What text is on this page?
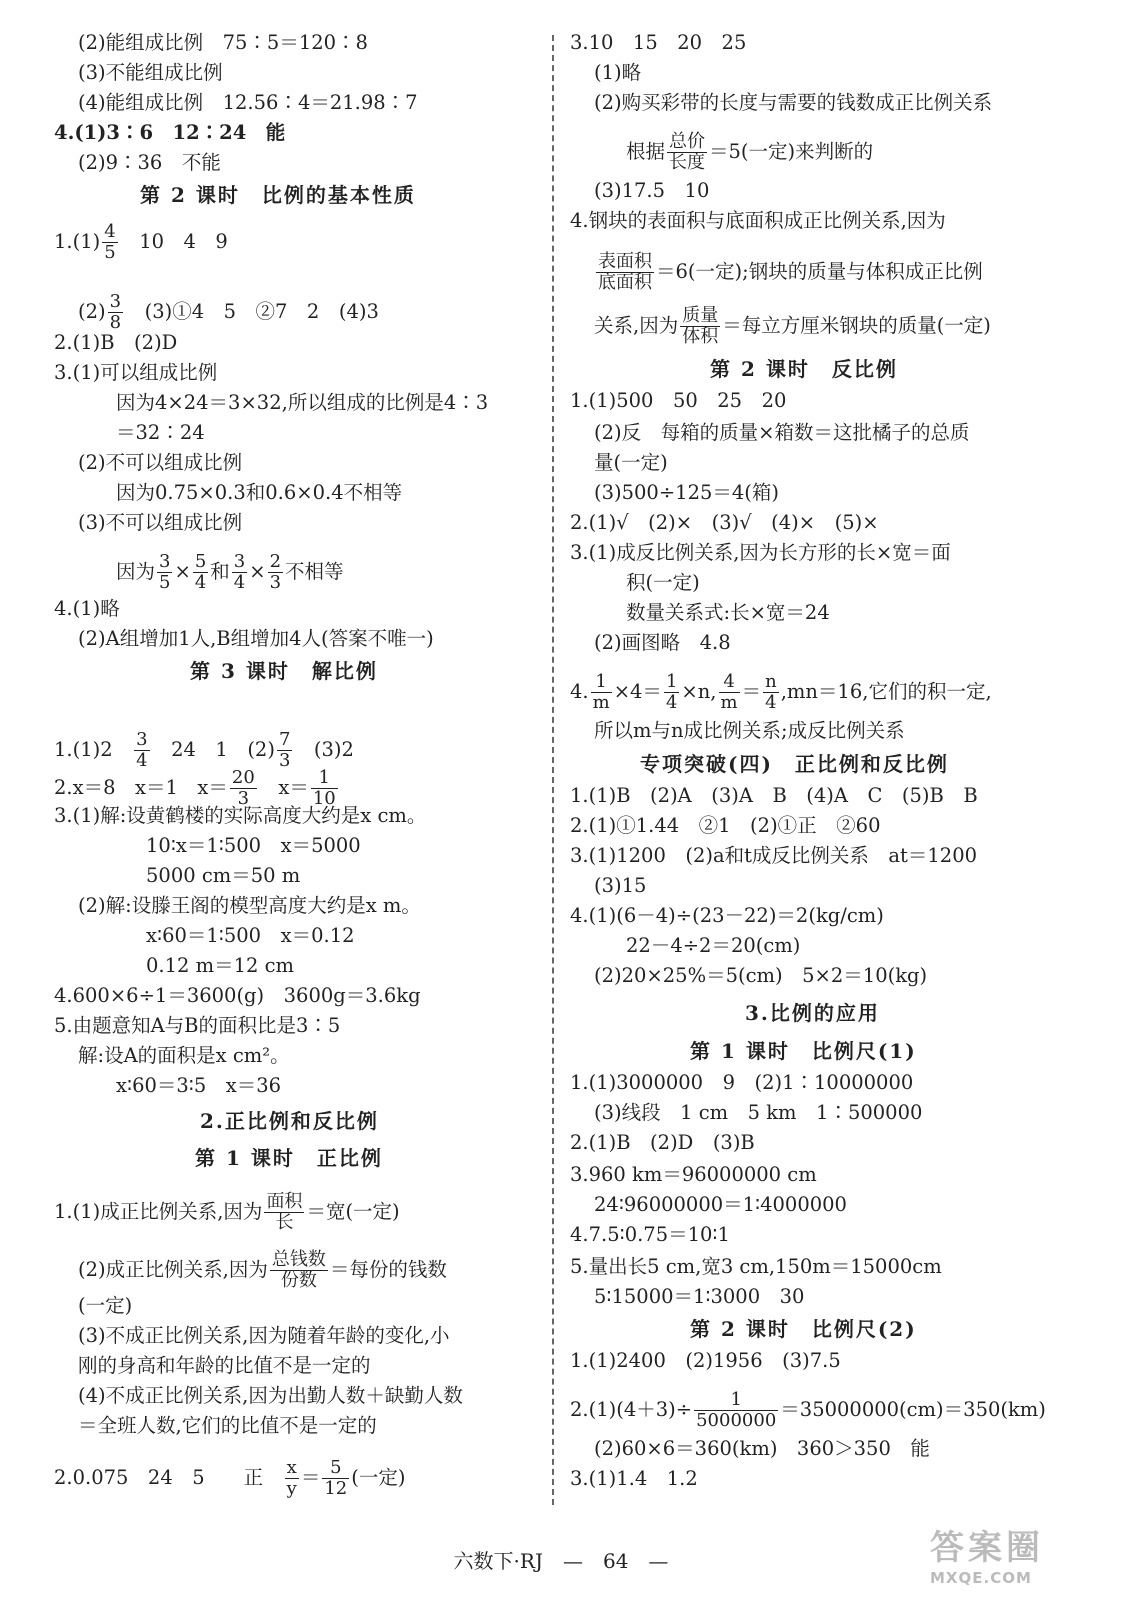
(2)能组成比例　75∶5＝120∶8
(3)不能组成比例
(4)能组成比例　12.56∶4＝21.98∶7
4.(1)3∶6　12∶24　能
(2)9∶36　不能
第 2 课时　比例的基本性质
$1.(1) \frac{4}{5}$
　 10　4　9
$(2) \frac{3}{8}$
　 (3)①4　5　②7　2　(4)3
2.(1)B　(2)D
3.(1)可以组成比例
因为4×24＝3×32,所以组成的比例是4∶3
＝32∶24
(2)不可以组成比例
因为0.75×0.3和0.6×0.4不相等
(3)不可以组成比例
因为 $\frac{3}{5} \times \frac{5}{4}$ 和 $\frac{3}{4} \times \frac{2}{3}$ 不相等
4.(1)略
(2)A组增加1人,B组增加4人(答案不唯一)
第 3 课时　解比例
1.(1)2　 $\frac{3}{4}$ 　24　1　$(2) \frac{7}{3}$ 　(3)2
2.x＝8　x＝1　$x= \frac{20}{3}$ 　$x= \frac{1}{10}$
3.(1)解:设黄鹤楼的实际高度大约是x cm。
10∶x＝1∶500　x＝5000
5000 cm＝50 m
(2)解:设滕王阁的模型高度大约是x m。
x∶60＝1∶500　x＝0.12
0.12 m＝12 cm
4.600×6÷1＝3600(g)　3600g＝3.6kg
5.由题意知A与B的面积比是3∶5
解:设A的面积是x cm²。
x∶60＝3∶5　x＝36
2.正比例和反比例
第 1 课时　正比例
1.(1)成正比例关系,因为 面积
长 ＝宽(一定)
(2)成正比例关系,因为 总钱数
份数 ＝每份的钱数
(一定)
(3)不成正比例关系,因为随着年龄的变化,小
刚的身高和年龄的比值不是一定的
(4)不成正比例关系,因为出勤人数＋缺勤人数
＝全班人数,它们的比值不是一定的
2.0.075　24　5　　正　 $\frac{x}{y} = \frac{5}{12}$ (一定)
3.10　15　20　25
(1)略
(2)购买彩带的长度与需要的钱数成正比例关系
根据 总价
长度 ＝5(一定)来判断的
(3)17.5　10
4.钢块的表面积与底面积成正比例关系,因为
表面积
底面积 ＝6(一定);钢块的质量与体积成正比例
关系,因为 质量
体积 ＝每立方厘米钢块的质量(一定)
第 2 课时　反比例
1.(1)500　50　25　20
(2)反　每箱的质量×箱数＝这批橘子的总质
量(一定)
(3)500÷125＝4(箱)
2.(1)√　(2)×　(3)√　(4)×　(5)×
3.(1)成反比例关系,因为长方形的长×宽＝面
积(一定)
数量关系式:长×宽＝24
(2)画图略　4.8
4. $\frac{1}{m} \times 4= \frac{1}{4} \times n$, $\frac{4}{m} = \frac{n}{4} ,mn=16$,它们的积一定,
所以m与n成比例关系;成反比例关系
专项突破(四)　正比例和反比例
1.(1)B　(2)A　(3)A　B　(4)A　C　(5)B　B
2.(1)①1.44　②1　(2)①正　②60
3.(1)1200　(2)a和t成反比例关系　at＝1200
(3)15
4.(1)(6－4)÷(23－22)＝2(kg/cm)
22－4÷2＝20(cm)
(2)20×25%＝5(cm)　5×2＝10(kg)
3.比例的应用
第 1 课时　比例尺(1)
1.(1)3000000　9　(2)1∶10000000
(3)线段　1 cm　5 km　1∶500000
2.(1)B　(2)D　(3)B
3.960 km＝96000000 cm
24∶96000000＝1∶4000000
4.7.5∶0.75＝10∶1
5.量出长5 cm,宽3 cm,150m＝15000cm
5∶15000＝1∶3000　30
第 2 课时　比例尺(2)
1.(1)2400　(2)1956　(3)7.5
$2.(1)(4+3)\div \frac{1}{5000000} =35000000(cm)=350(km)$
(2)60×6＝360(km)　360＞350　能
3.(1)1.4　1.2
六数下·RJ　—　64　—	答案圈
MXQE.COM
